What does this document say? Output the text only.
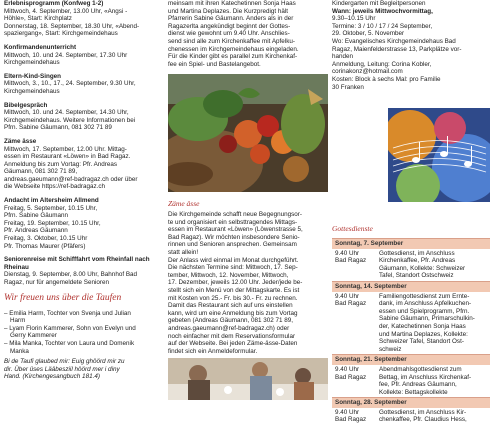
Erlebnisprogramm (Konfweg 1-2)
Mittwoch, 4. September, 13.00 Uhr, «Angsi -
Höhle», Start: Kirchplatz
Donnerstag, 18. September, 18.30 Uhr, «Abend-
spaziergang», Start: Kirchgemeindehaus
Konfirmandenunterricht
Mittwoch, 10. und 24. September, 17.30 Uhr
Kirchgemeindehaus
Eltern-Kind-Singen
Mittwoch, 3., 10., 17., 24. September, 9.30 Uhr,
Kirchgemeindehaus
Bibelgespräch
Mittwoch, 10. und 24. September, 14.30 Uhr,
Kirchgemeindehaus. Weitere Informationen bei
Pfrn. Sabine Gäumann, 081 302 71 89
Zäme ässe
Mittwoch, 17. September, 12.00 Uhr. Mittag-
essen im Restaurant «Löwen» in Bad Ragaz.
Anmeldung bis zum Vortag: Pfr. Andreas
Gäumann, 081 302 71 89,
andreas.gaeumann@ref-badragaz.ch oder über
die Webseite https://ref-badragaz.ch
Andacht im Altersheim Allmend
Freitag, 5. September, 10.15 Uhr,
Pfrn. Sabine Gäumann
Freitag, 19. September, 10.15 Uhr,
Pfr. Andreas Gäumann
Freitag, 3. Oktober, 10.15 Uhr
Pfr. Thomas Maurer (Pfäfers)
Seniorenreise mit Schifffahrt vom Rheinfall nach Rheinau
Dienstag, 9. September, 8.00 Uhr, Bahnhof Bad
Ragaz, nur für angemeldete Senioren
Wir freuen uns über die Taufen
– Emilia Harm, Tochter von Svenja und Julian
Harm
– Lyam Florin Kammerer, Sohn von Evelyn und
Gerry Kammerer
– Mila Manka, Tochter von Laura und Domenik
Manka
Bi de Taufi glaubed mir: Euig ghöörd mir zu
dir. Über üses Lääbesziil höörd mer i diny
Hand. (Kirchengesangbuch 181.4)
meinsam mit ihren Katechetinnen Sonja Haas
und Martina Deplazes. Die Kurzpredigt hält
Pfarrerin Sabine Gäumann. Anders als in der
Ragazerlta angekündigt beginnt der Gottes-
dienst wie gewohnt um 9.40 Uhr. Anschlies-
send sind alle zum Kirchenkaffee mit Apfelku-
chenessen im Kirchgemeindehaus eingeladen.
Für die Kinder gibt es parallel zum Kirchenkaf-
fee ein Spiel- und Bastelangebot.
Zäme ässe
Die Kirchgemeinde schafft neue Begegnungsor-
te und organisiert ein selbsttragendes Mittags-
essen im Restaurant «Löwen» (Löwenstrasse 5,
Bad Ragaz). Wir möchten insbesondere Senio-
rinnen und Senioren ansprechen. Gemeinsam
statt allein!
Der Anlass wird einmal im Monat durchgeführt.
Die nächsten Termine sind: Mittwoch, 17. Sep-
tember, Mittwoch, 12. November, Mittwoch,
17. Dezember, jeweils 12.00 Uhr. Jeder/jede be-
stellt sich ein Menü von der Mittagskarte. Es ist
mit Kosten von 25.- Fr. bis 30.- Fr. zu rechnen.
Damit das Restaurant sich auf uns einstellen
kann, wird um eine Anmeldung bis zum Vortag
gebeten (Andreas Gäumann, 081 302 71 89,
andreas.gaeumann@ref-badragaz.ch) oder
noch einfacher mit dem Reservationsformular
auf der Webseite. Bei jeden Zäme-ässe-Daten
findet sich ein Anmeldeformular.
Kindergarten mit Begleitpersonen
Wann: jeweils Mittwochvormittag,
9.30–10.15 Uhr
Termine: 3 / 10 / 17 / 24 September,
29. Oktober, 5. November
Wo: Evangelisches Kirchgemeindehaus Bad
Ragaz, Maienfelderstrasse 13, Parkplätze vor-
handen
Anmeldung, Leitung: Corina Kobler,
corinakonz@hotmail.com
Kosten: Block à sechs Mal: pro Familie
30 Franken
Gottesdienste
Sonntag, 7. September
9.40 Uhr
Bad Ragaz
Gottesdienst, im Anschluss
Kirchenkaffee, Pfr. Andreas
Gäumann, Kollekte: Schweizer
Tafel, Standort Ostschweiz
Sonntag, 14. September
9.40 Uhr
Bad Ragaz
Familiengottesdienst zum Ernte-
dank, im Anschluss Apfelkuchen-
essen und Spielprogramm, Pfrn.
Sabine Gäumann, Primarschulkin-
der, Katechetinnen Sonja Haas
und Martina Deplazes, Kollekte:
Schweizer Tafel, Standort Ost-
schweiz
Sonntag, 21. September
9.40 Uhr
Bad Ragaz
Abendmahlsgottesdienst zum
Bettag, im Anschluss Kirchenkaf-
fee, Pfr. Andreas Gäumann,
Kollekte: Bettagskollekte
Sonntag, 28. September
9.40 Uhr
Bad Ragaz
Gottesdienst, im Anschluss Kir-
chenkaffee, Pfr. Claudius Hess,
